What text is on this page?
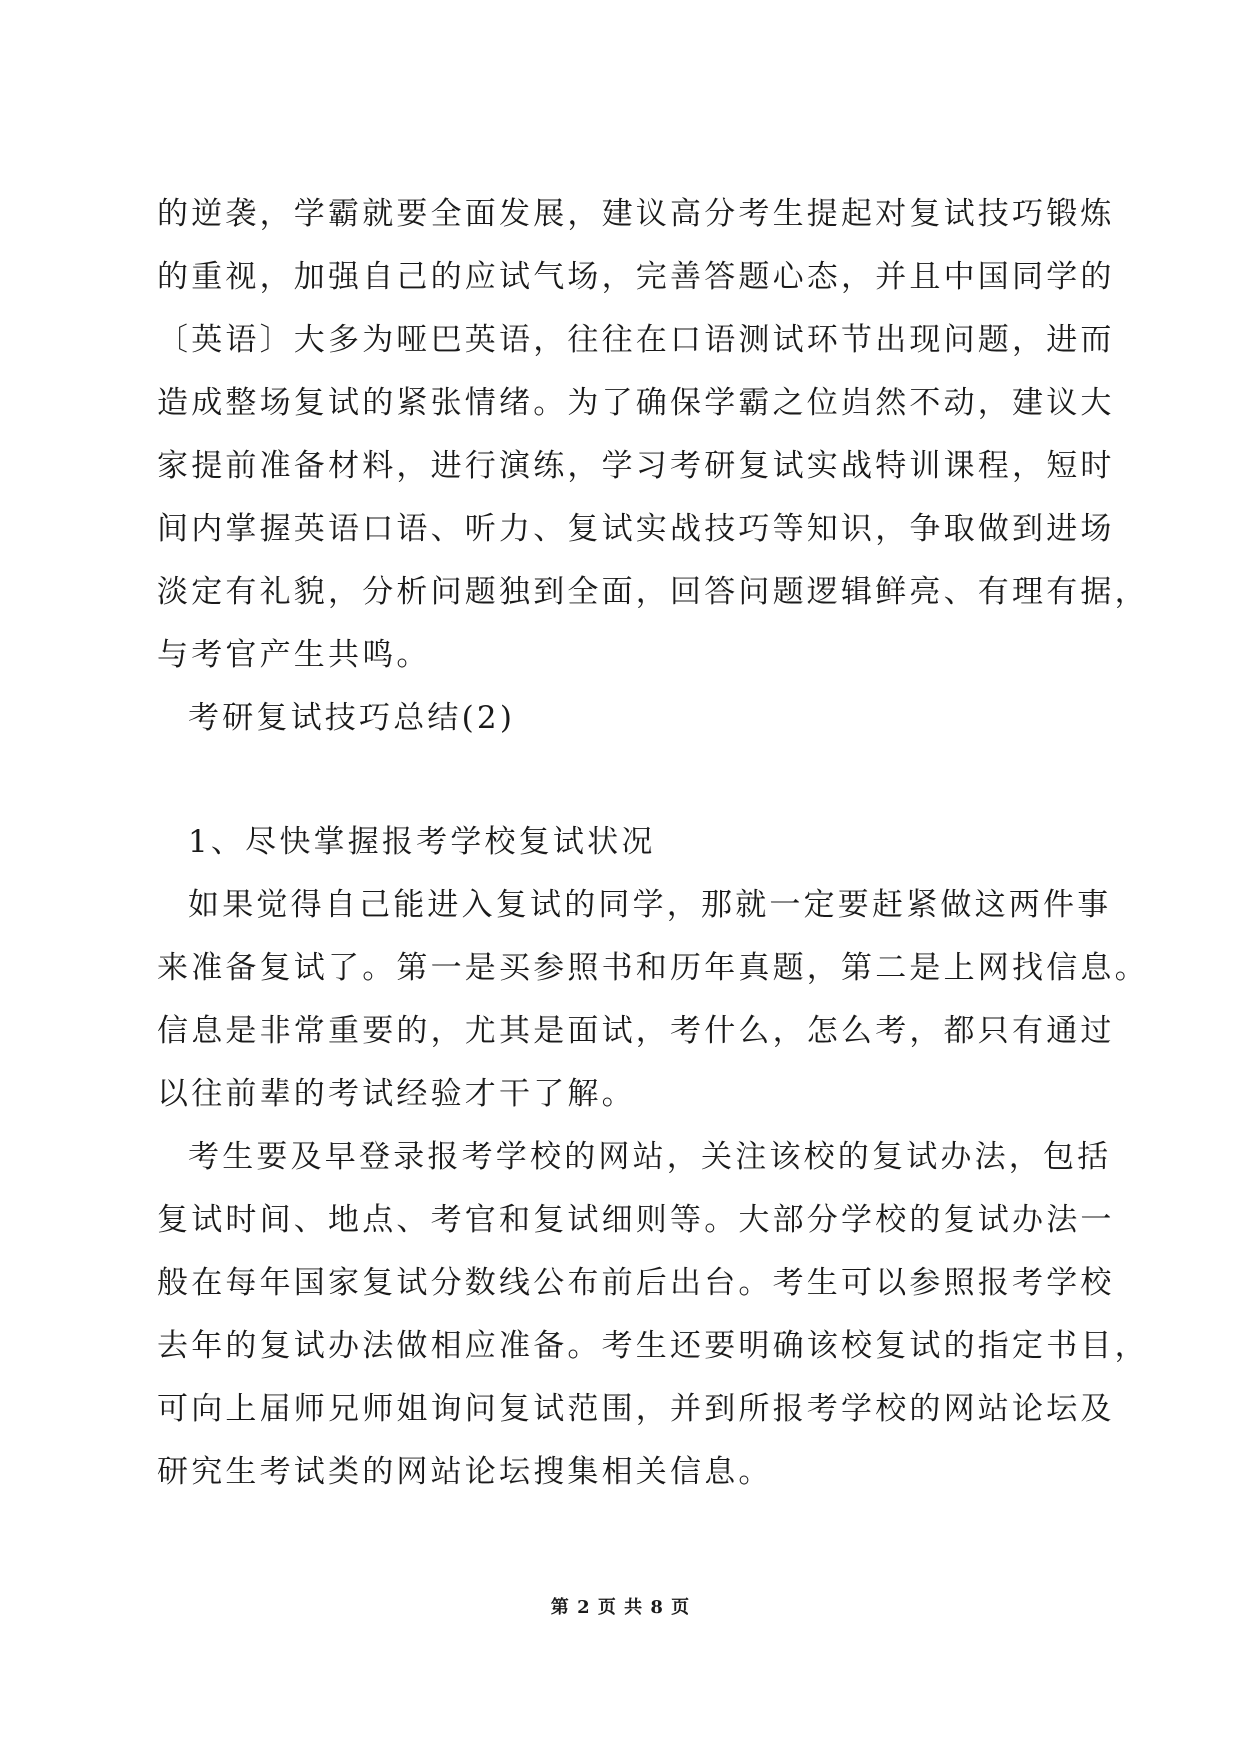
的逆袭，学霸就要全面发展，建议高分考生提起对复试技巧锻炼
的重视，加强自己的应试气场，完善答题心态，并且中国同学的
〔英语〕大多为哑巴英语，往往在口语测试环节出现问题，进而
造成整场复试的紧张情绪。为了确保学霸之位岿然不动，建议大
家提前准备材料，进行演练，学习考研复试实战特训课程，短时
间内掌握英语口语、听力、复试实战技巧等知识，争取做到进场
淡定有礼貌，分析问题独到全面，回答问题逻辑鲜亮、有理有据，
与考官产生共鸣。
考研复试技巧总结(2)
1、尽快掌握报考学校复试状况
如果觉得自己能进入复试的同学，那就一定要赶紧做这两件事
来准备复试了。第一是买参照书和历年真题，第二是上网找信息。
信息是非常重要的，尤其是面试，考什么，怎么考，都只有通过
以往前辈的考试经验才干了解。
考生要及早登录报考学校的网站，关注该校的复试办法，包括
复试时间、地点、考官和复试细则等。大部分学校的复试办法一
般在每年国家复试分数线公布前后出台。考生可以参照报考学校
去年的复试办法做相应准备。考生还要明确该校复试的指定书目，
可向上届师兄师姐询问复试范围，并到所报考学校的网站论坛及
研究生考试类的网站论坛搜集相关信息。
第 2 页 共 8 页
